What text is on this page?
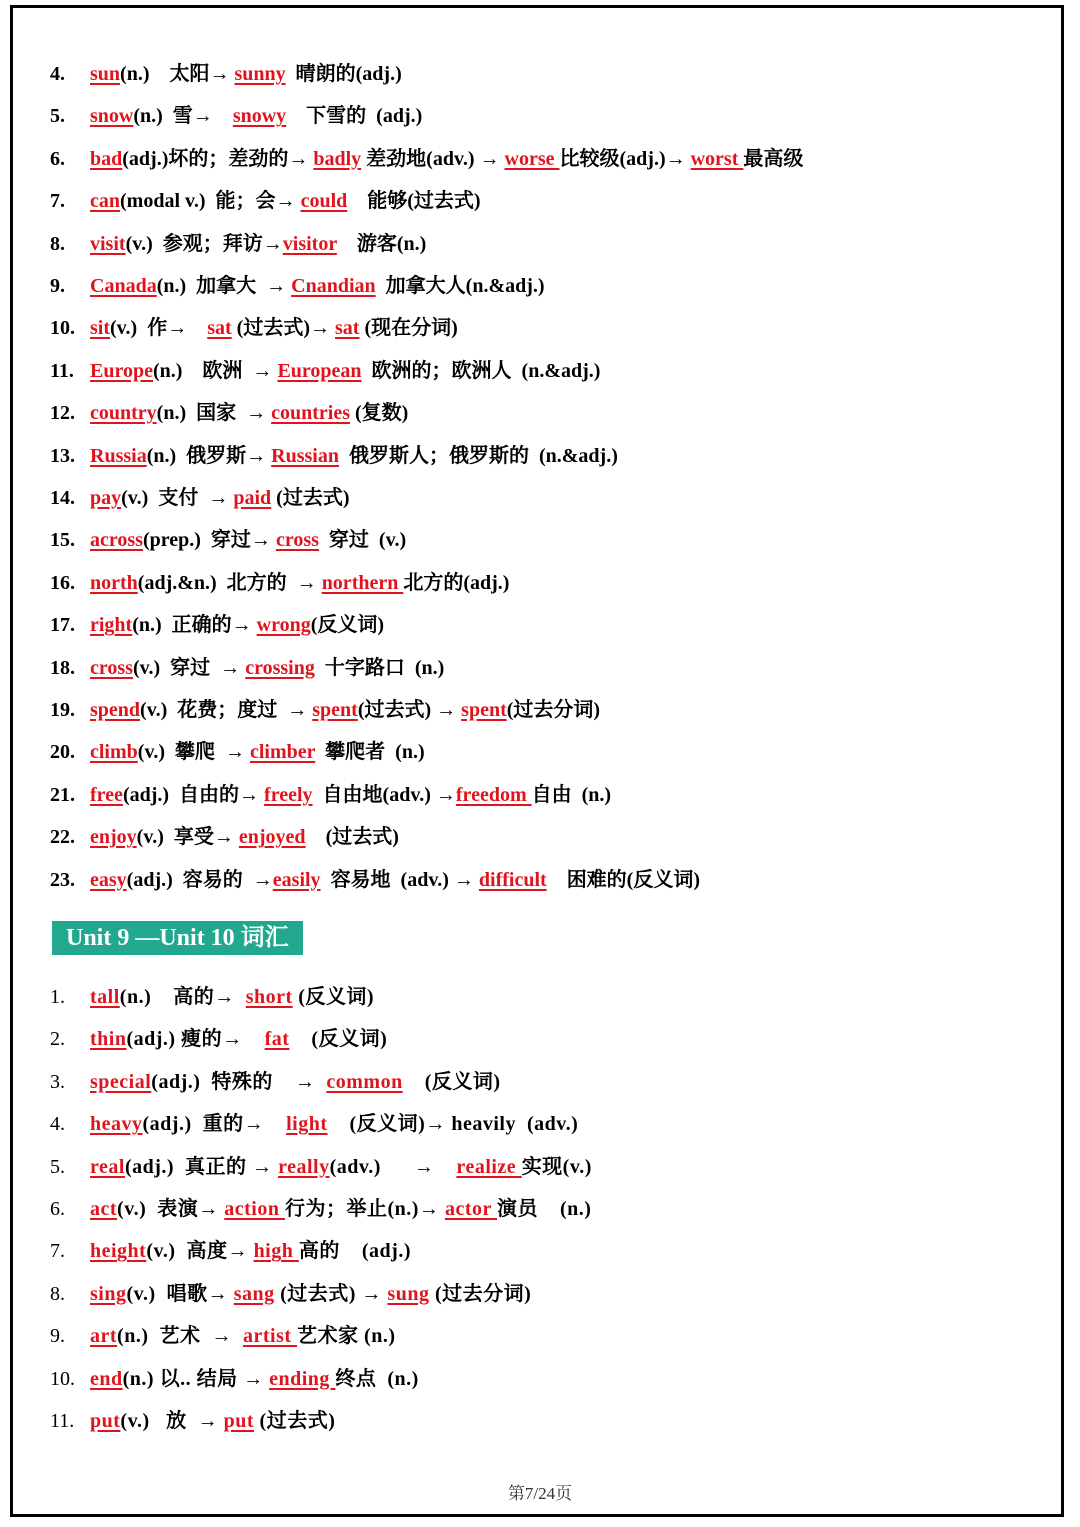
4. sun(n.)    太阳→ sunny  晴朗的(adj.)
5. snow(n.)  雪→    snowy    下雪的  (adj.)
6. bad(adj.)坏的；差劲的→ badly 差劲地(adv.) → worse 比较级(adj.)→ worst 最高级
7. can(modal v.)  能；会→ could    能够(过去式)
8. visit(v.)  参观；拜访→visitor    游客(n.)
9. Canada(n.)  加拿大  → Cnandian  加拿大人(n.&adj.)
10. sit(v.)  作→    sat (过去式)→ sat (现在分词)
11. Europe(n.)    欧洲  → European  欧洲的；欧洲人  (n.&adj.)
12. country(n.)  国家  → countries (复数)
13. Russia(n.)  俄罗斯→ Russian  俄罗斯人；俄罗斯的  (n.&adj.)
14. pay(v.)  支付  → paid (过去式)
15. across(prep.)  穿过→ cross  穿过  (v.)
16. north(adj.&n.)  北方的  → northern 北方的(adj.)
17. right(n.)  正确的→ wrong(反义词)
18. cross(v.)  穿过  → crossing  十字路口  (n.)
19. spend(v.)  花费；度过  → spent(过去式) → spent(过去分词)
20. climb(v.)  攀爬  → climber  攀爬者  (n.)
21. free(adj.)  自由的→ freely  自由地(adv.) →freedom 自由  (n.)
22. enjoy(v.)  享受→ enjoyed    (过去式)
23. easy(adj.)  容易的  →easily  容易地  (adv.) → difficult    困难的(反义词)
Unit 9 —Unit 10 词汇
1. tall(n.)    高的→  short (反义词)
2. thin(adj.) 瘦的→    fat    (反义词)
3. special(adj.)  特殊的    →  common    (反义词)
4. heavy(adj.)  重的→    light    (反义词)→ heavily  (adv.)
5. real(adj.)  真正的 → really(adv.)      →    realize 实现(v.)
6. act(v.)  表演→ action 行为；举止(n.)→ actor 演员    (n.)
7. height(v.)  高度→ high 高的    (adj.)
8. sing(v.)  唱歌→ sang (过去式) → sung (过去分词)
9. art(n.)  艺术  →  artist 艺术家 (n.)
10. end(n.) 以.. 结局 → ending 终点  (n.)
11. put(v.)   放  → put (过去式)
第7/24页
